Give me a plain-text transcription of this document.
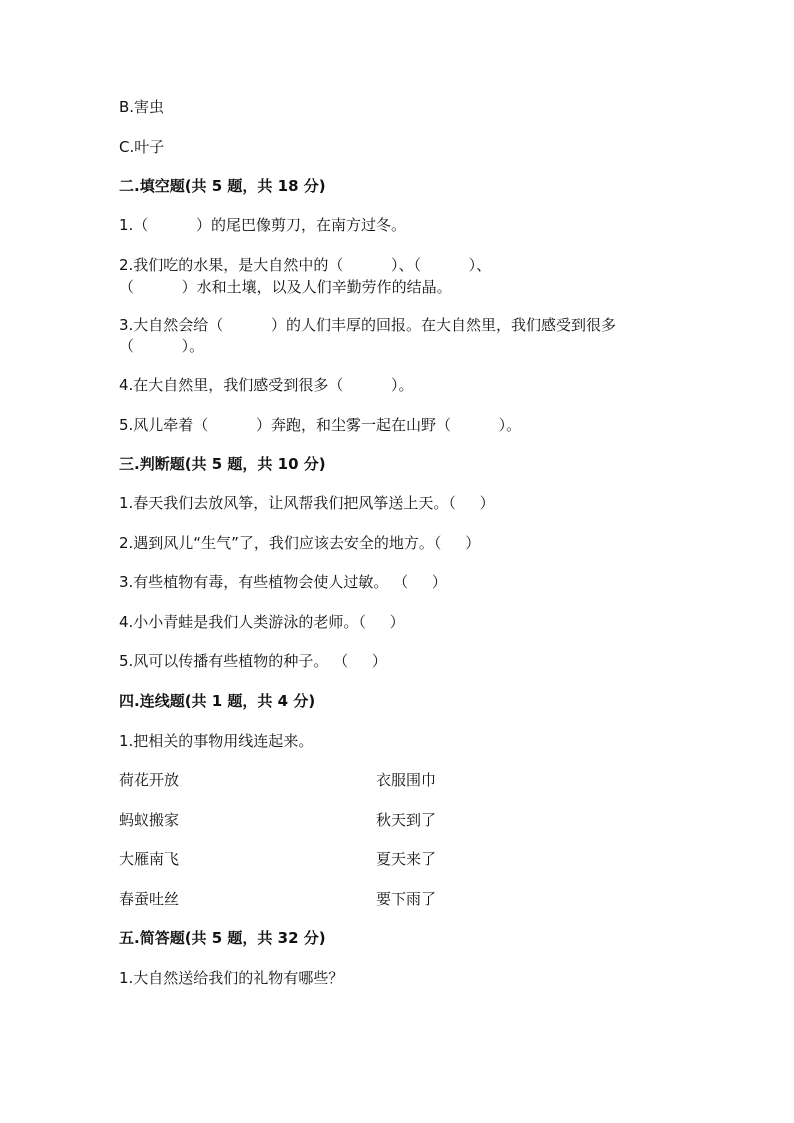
B.害虫
C.叶子
二.填空题(共 5 题，共 18 分)
1.（          ）的尾巴像剪刀，在南方过冬。
2.我们吃的水果，是大自然中的（          ）、（          ）、
（          ）水和土壤，以及人们辛勤劳作的结晶。
3.大自然会给（          ）的人们丰厚的回报。在大自然里，我们感受到很多
（          ）。
4.在大自然里，我们感受到很多（          ）。
5.风儿牵着（          ）奔跑，和尘雾一起在山野（          ）。
三.判断题(共 5 题，共 10 分)
1.春天我们去放风筝，让风帮我们把风筝送上天。（     ）
2.遇到风儿“生气”了，我们应该去安全的地方。（     ）
3.有些植物有毒，有些植物会使人过敏。 （     ）
4.小小青蛙是我们人类游泳的老师。（     ）
5.风可以传播有些植物的种子。 （     ）
四.连线题(共 1 题，共 4 分)
1.把相关的事物用线连起来。
荷花开放	衣服围巾
蚂蚁搬家	秋天到了
大雁南飞	夏天来了
春蚕吐丝	要下雨了
五.简答题(共 5 题，共 32 分)
1.大自然送给我们的礼物有哪些？
